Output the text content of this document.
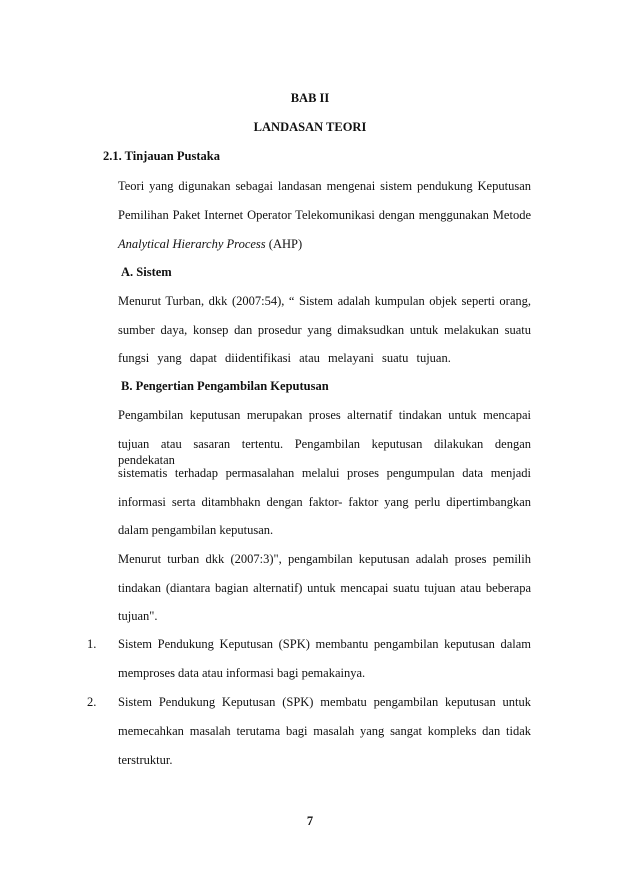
BAB II
LANDASAN TEORI
2.1. Tinjauan Pustaka
Teori yang digunakan sebagai landasan mengenai sistem pendukung Keputusan
Pemilihan Paket Internet Operator Telekomunikasi dengan menggunakan Metode
Analytical Hierarchy Process (AHP)
A. Sistem
Menurut Turban, dkk (2007:54), “ Sistem adalah kumpulan objek seperti orang,
sumber daya, konsep dan prosedur yang dimaksudkan untuk melakukan suatu
fungsi yang dapat diidentifikasi atau melayani suatu tujuan.
B. Pengertian Pengambilan Keputusan
Pengambilan keputusan merupakan proses alternatif tindakan untuk mencapai
tujuan atau sasaran tertentu. Pengambilan keputusan dilakukan dengan pendekatan
sistematis terhadap permasalahan melalui proses pengumpulan data menjadi
informasi serta ditambhakn dengan faktor- faktor yang perlu dipertimbangkan
dalam pengambilan keputusan.
Menurut turban dkk (2007:3)", pengambilan keputusan adalah proses pemilih
tindakan (diantara bagian alternatif) untuk mencapai suatu tujuan atau beberapa
tujuan".
1. Sistem Pendukung Keputusan (SPK) membantu pengambilan keputusan dalam
memproses data atau informasi bagi pemakainya.
2. Sistem Pendukung Keputusan (SPK) membatu pengambilan keputusan untuk
memecahkan masalah terutama bagi masalah yang sangat kompleks dan tidak
terstruktur.
7
